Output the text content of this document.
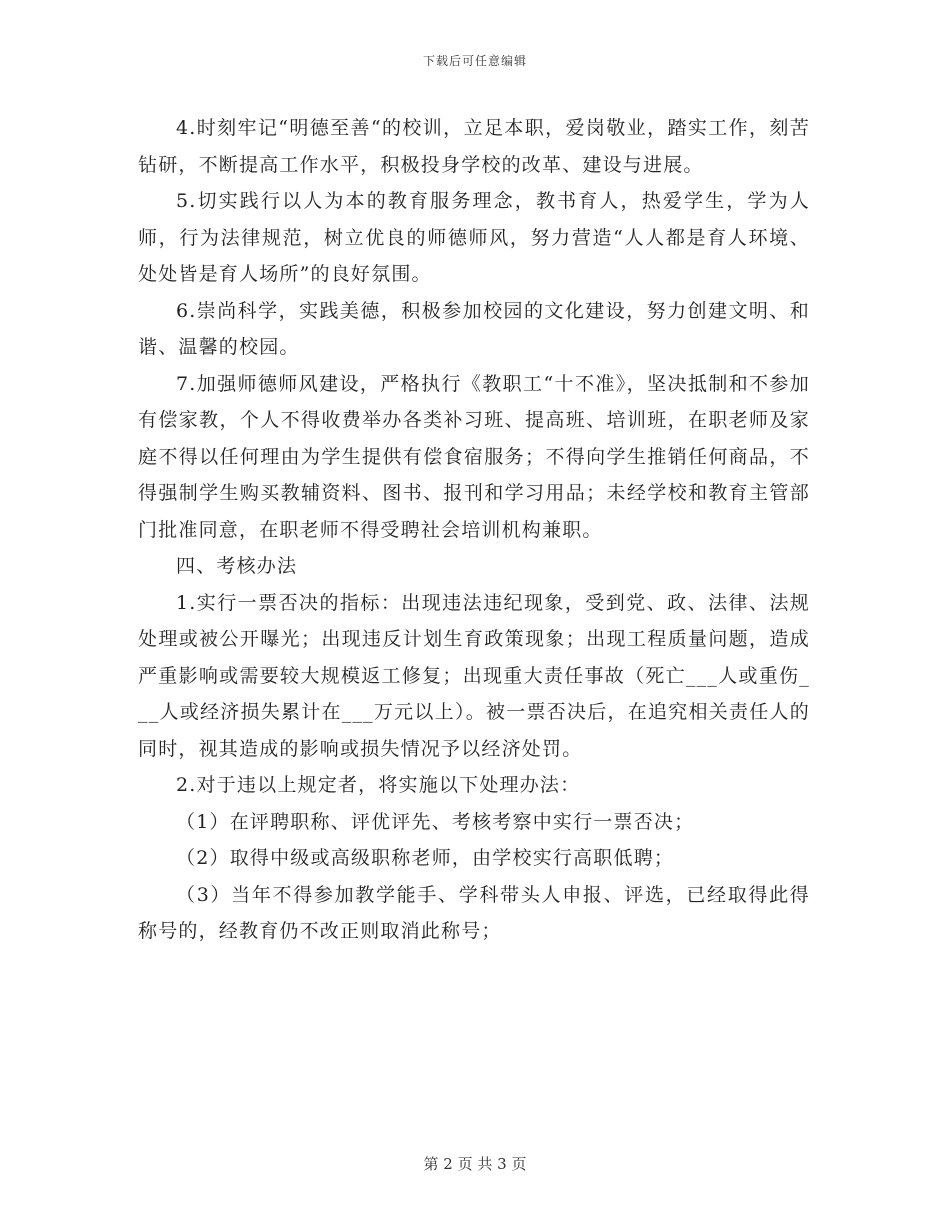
下载后可任意编辑

4.时刻牢记“明德至善“的校训，立足本职，爱岗敬业，踏实工作，刻苦钻研，不断提高工作水平，积极投身学校的改革、建设与进展。

5.切实践行以人为本的教育服务理念，教书育人，热爱学生，学为人师，行为法律规范，树立优良的师德师风，努力营造“人人都是育人环境、处处皆是育人场所”的良好氛围。

6.崇尚科学，实践美德，积极参加校园的文化建设，努力创建文明、和谐、温馨的校园。

7.加强师德师风建设，严格执行《教职工“十不准》，坚决抵制和不参加有偿家教，个人不得收费举办各类补习班、提高班、培训班，在职老师及家庭不得以任何理由为学生提供有偿食宿服务；不得向学生推销任何商品，不得强制学生购买教辅资料、图书、报刊和学习用品；未经学校和教育主管部门批准同意，在职老师不得受聘社会培训机构兼职。

四、考核办法

1.实行一票否决的指标：出现违法违纪现象，受到党、政、法律、法规处理或被公开曝光；出现违反计划生育政策现象；出现工程质量问题，造成严重影响或需要较大规模返工修复；出现重大责任事故（死亡___人或重伤___人或经济损失累计在___万元以上）。被一票否决后，在追究相关责任人的同时，视其造成的影响或损失情况予以经济处罚。

2.对于违以上规定者，将实施以下处理办法：

（1）在评聘职称、评优评先、考核考察中实行一票否决；

（2）取得中级或高级职称老师，由学校实行高职低聘；

（3）当年不得参加教学能手、学科带头人申报、评选，已经取得此得称号的，经教育仍不改正则取消此称号；

第 2 页 共 3 页
